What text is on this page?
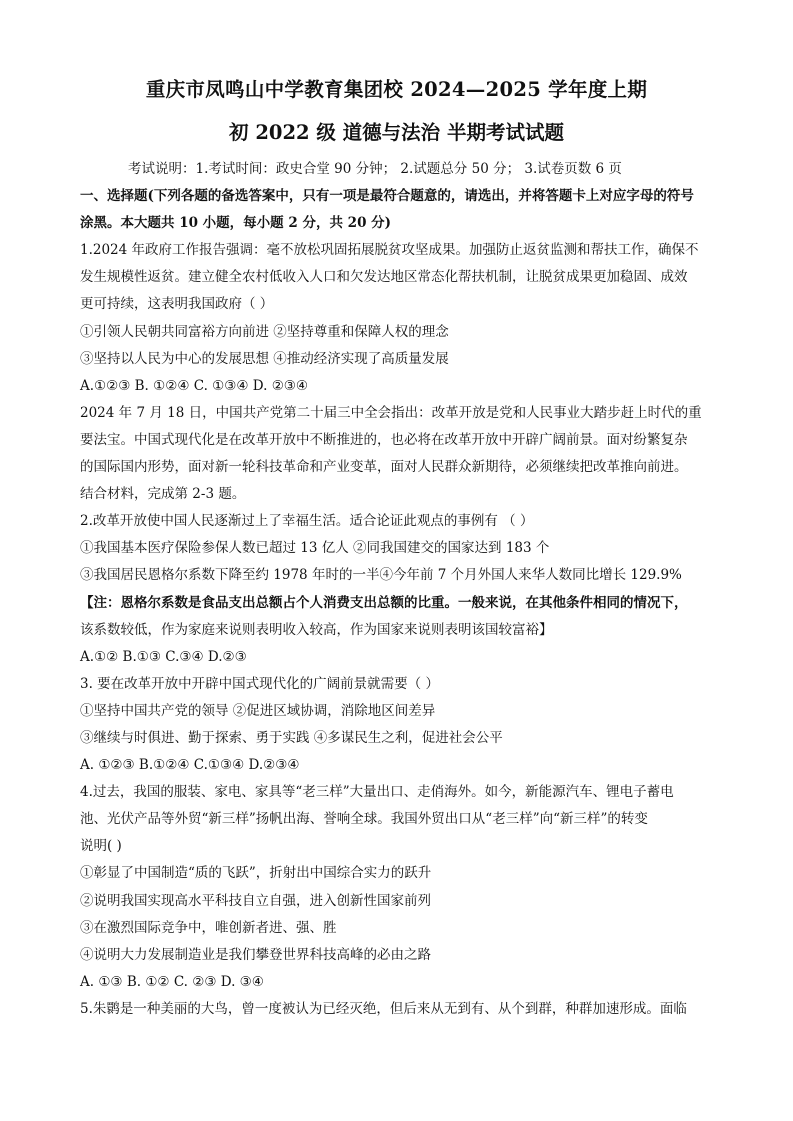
重庆市凤鸣山中学教育集团校 2024—2025 学年度上期
初 2022 级 道德与法治 半期考试试题
考试说明：1.考试时间：政史合堂 90 分钟； 2.试题总分 50 分； 3.试卷页数 6 页
一、选择题(下列各题的备选答案中，只有一项是最符合题意的，请选出，并将答题卡上对应字母的符号
涂黑。本大题共 10 小题，每小题 2 分，共 20 分)
1.2024 年政府工作报告强调：毫不放松巩固拓展脱贫攻坚成果。加强防止返贫监测和帮扶工作，确保不
发生规模性返贫。建立健全农村低收入人口和欠发达地区常态化帮扶机制，让脱贫成果更加稳固、成效
更可持续，这表明我国政府（ ）
①引领人民朝共同富裕方向前进 ②坚持尊重和保障人权的理念
③坚持以人民为中心的发展思想 ④推动经济实现了高质量发展
A.①②③ B. ①②④ C. ①③④ D. ②③④
2024 年 7 月 18 日，中国共产党第二十届三中全会指出：改革开放是党和人民事业大踏步赶上时代的重
要法宝。中国式现代化是在改革开放中不断推进的，也必将在改革开放中开辟广阔前景。面对纷繁复杂
的国际国内形势，面对新一轮科技革命和产业变革，面对人民群众新期待，必须继续把改革推向前进。
结合材料，完成第 2-3 题。
2.改革开放使中国人民逐渐过上了幸福生活。适合论证此观点的事例有 （ ）
①我国基本医疗保险参保人数已超过 13 亿人 ②同我国建交的国家达到 183 个
③我国居民恩格尔系数下降至约 1978 年时的一半④今年前 7 个月外国人来华人数同比增长 129.9%
【注：恩格尔系数是食品支出总额占个人消费支出总额的比重。一般来说，在其他条件相同的情况下，
该系数较低，作为家庭来说则表明收入较高，作为国家来说则表明该国较富裕】
A.①② B.①③ C.③④ D.②③
3. 要在改革开放中开辟中国式现代化的广阔前景就需要（ ）
①坚持中国共产党的领导 ②促进区域协调，消除地区间差异
③继续与时俱进、勤于探索、勇于实践 ④多谋民生之利，促进社会公平
A. ①②③ B.①②④ C.①③④ D.②③④
4.过去，我国的服装、家电、家具等“老三样”大量出口、走俏海外。如今，新能源汽车、锂电子蓄电
池、光伏产品等外贸“新三样”扬帆出海、誉响全球。我国外贸出口从“老三样”向“新三样”的转变
说明( )
①彰显了中国制造“质的飞跃”，折射出中国综合实力的跃升
②说明我国实现高水平科技自立自强，进入创新性国家前列
③在激烈国际竞争中，唯创新者进、强、胜
④说明大力发展制造业是我们攀登世界科技高峰的必由之路
A. ①③ B. ①② C. ②③ D. ③④
5.朱鹮是一种美丽的大鸟，曾一度被认为已经灭绝，但后来从无到有、从个到群，种群加速形成。面临
